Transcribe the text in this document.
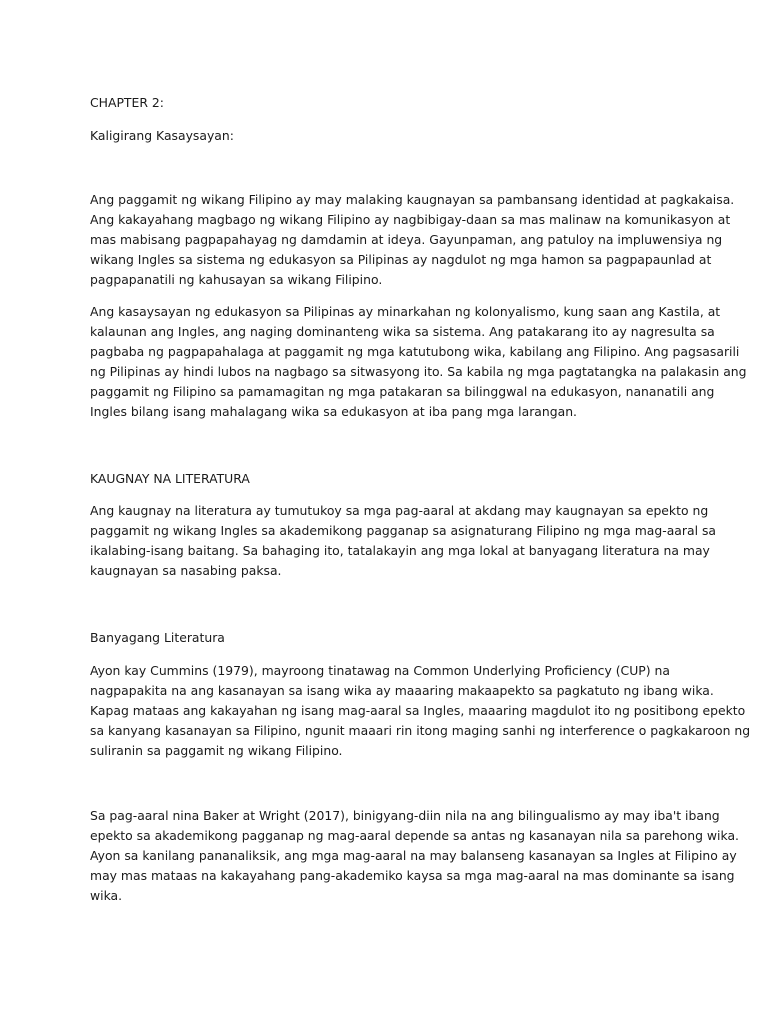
CHAPTER 2:

Kaligirang Kasaysayan:

Ang paggamit ng wikang Filipino ay may malaking kaugnayan sa pambansang identidad at pagkakaisa.
Ang kakayahang magbago ng wikang Filipino ay nagbibigay-daan sa mas malinaw na komunikasyon at
mas mabisang pagpapahayag ng damdamin at ideya. Gayunpaman, ang patuloy na impluwensiya ng
wikang Ingles sa sistema ng edukasyon sa Pilipinas ay nagdulot ng mga hamon sa pagpapaunlad at
pagpapanatili ng kahusayan sa wikang Filipino.

Ang kasaysayan ng edukasyon sa Pilipinas ay minarkahan ng kolonyalismo, kung saan ang Kastila, at
kalaunan ang Ingles, ang naging dominanteng wika sa sistema. Ang patakarang ito ay nagresulta sa
pagbaba ng pagpapahalaga at paggamit ng mga katutubong wika, kabilang ang Filipino. Ang pagsasarili
ng Pilipinas ay hindi lubos na nagbago sa sitwasyong ito. Sa kabila ng mga pagtatangka na palakasin ang
paggamit ng Filipino sa pamamagitan ng mga patakaran sa bilinggwal na edukasyon, nananatili ang
Ingles bilang isang mahalagang wika sa edukasyon at iba pang mga larangan.

KAUGNAY NA LITERATURA

Ang kaugnay na literatura ay tumutukoy sa mga pag-aaral at akdang may kaugnayan sa epekto ng
paggamit ng wikang Ingles sa akademikong pagganap sa asignaturang Filipino ng mga mag-aaral sa
ikalabing-isang baitang. Sa bahaging ito, tatalakayin ang mga lokal at banyagang literatura na may
kaugnayan sa nasabing paksa.

Banyagang Literatura

Ayon kay Cummins (1979), mayroong tinatawag na Common Underlying Proficiency (CUP) na
nagpapakita na ang kasanayan sa isang wika ay maaaring makaapekto sa pagkatuto ng ibang wika.
Kapag mataas ang kakayahan ng isang mag-aaral sa Ingles, maaaring magdulot ito ng positibong epekto
sa kanyang kasanayan sa Filipino, ngunit maaari rin itong maging sanhi ng interference o pagkakaroon ng
suliranin sa paggamit ng wikang Filipino.

Sa pag-aaral nina Baker at Wright (2017), binigyang-diin nila na ang bilingualismo ay may iba't ibang
epekto sa akademikong pagganap ng mag-aaral depende sa antas ng kasanayan nila sa parehong wika.
Ayon sa kanilang pananaliksik, ang mga mag-aaral na may balanseng kasanayan sa Ingles at Filipino ay
may mas mataas na kakayahang pang-akademiko kaysa sa mga mag-aaral na mas dominante sa isang
wika.
